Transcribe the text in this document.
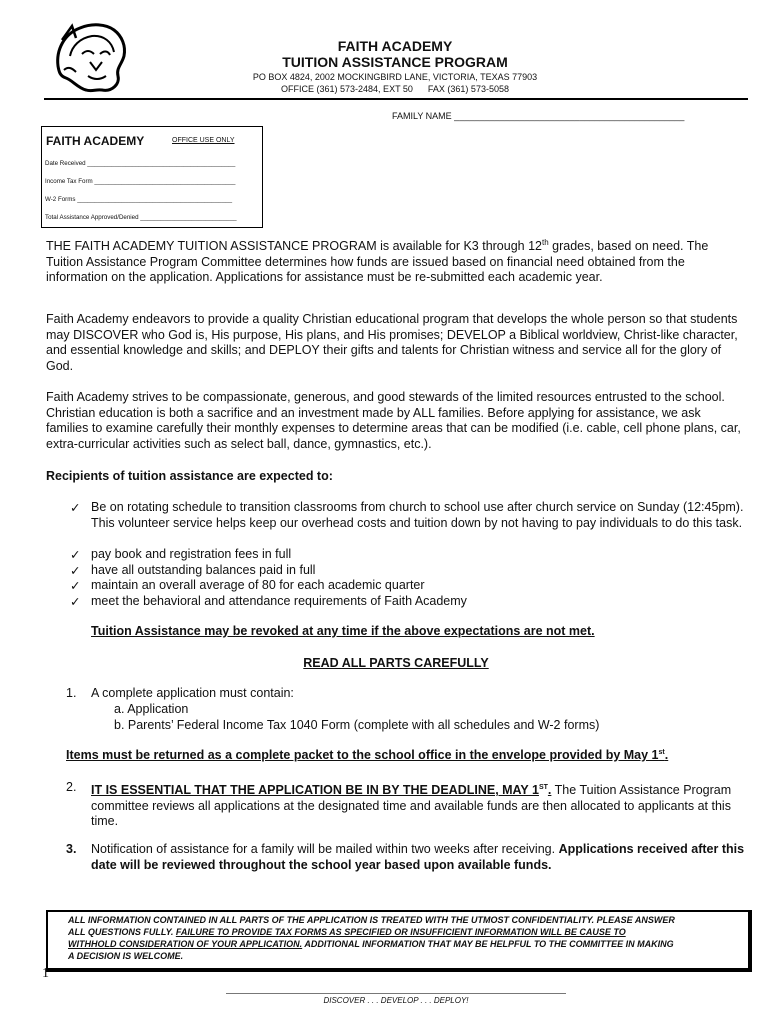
FAITH ACADEMY
TUITION ASSISTANCE PROGRAM
PO BOX 4824, 2002 MOCKINGBIRD LANE, VICTORIA, TEXAS 77903
OFFICE (361) 573-2484, EXT 50      FAX (361) 573-5058
FAMILY NAME ______________________________________________
FAITH ACADEMY	OFFICE USE ONLY
Date Received ___________________________________________
Income Tax Form _________________________________________
W-2 Forms _____________________________________________
Total Assistance Approved/Denied ____________________________
THE FAITH ACADEMY TUITION ASSISTANCE PROGRAM is available for K3 through 12th grades, based on need. The Tuition Assistance Program Committee determines how funds are issued based on financial need obtained from the information on the application. Applications for assistance must be re-submitted each academic year.
Faith Academy endeavors to provide a quality Christian educational program that develops the whole person so that students may DISCOVER who God is, His purpose, His plans, and His promises; DEVELOP a Biblical worldview, Christ-like character, and essential knowledge and skills; and DEPLOY their gifts and talents for Christian witness and service all for the glory of God.
Faith Academy strives to be compassionate, generous, and good stewards of the limited resources entrusted to the school. Christian education is both a sacrifice and an investment made by ALL families. Before applying for assistance, we ask families to examine carefully their monthly expenses to determine areas that can be modified (i.e. cable, cell phone plans, car, extra-curricular activities such as select ball, dance, gymnastics, etc.).
Recipients of tuition assistance are expected to:
✓ Be on rotating schedule to transition classrooms from church to school use after church service on Sunday (12:45pm). This volunteer service helps keep our overhead costs and tuition down by not having to pay individuals to do this task.
✓ pay book and registration fees in full
✓ have all outstanding balances paid in full
✓ maintain an overall average of 80 for each academic quarter
✓ meet the behavioral and attendance requirements of Faith Academy
Tuition Assistance may be revoked at any time if the above expectations are not met.
READ ALL PARTS CAREFULLY
1. A complete application must contain:
a. Application
b. Parents’ Federal Income Tax 1040 Form (complete with all schedules and W-2 forms)
Items must be returned as a complete packet to the school office in the envelope provided by May 1st.
2. IT IS ESSENTIAL THAT THE APPLICATION BE IN BY THE DEADLINE, MAY 1ST. The Tuition Assistance Program committee reviews all applications at the designated time and available funds are then allocated to applicants at this time.
3. Notification of assistance for a family will be mailed within two weeks after receiving. Applications received after this date will be reviewed throughout the school year based upon available funds.
ALL INFORMATION CONTAINED IN ALL PARTS OF THE APPLICATION IS TREATED WITH THE UTMOST CONFIDENTIALITY. PLEASE ANSWER
ALL QUESTIONS FULLY. FAILURE TO PROVIDE TAX FORMS AS SPECIFIED OR INSUFFICIENT INFORMATION WILL BE CAUSE TO
WITHHOLD CONSIDERATION OF YOUR APPLICATION. ADDITIONAL INFORMATION THAT MAY BE HELPFUL TO THE COMMITTEE IN MAKING
A DECISION IS WELCOME.
1
DISCOVER . . . DEVELOP . . . DEPLOY!
